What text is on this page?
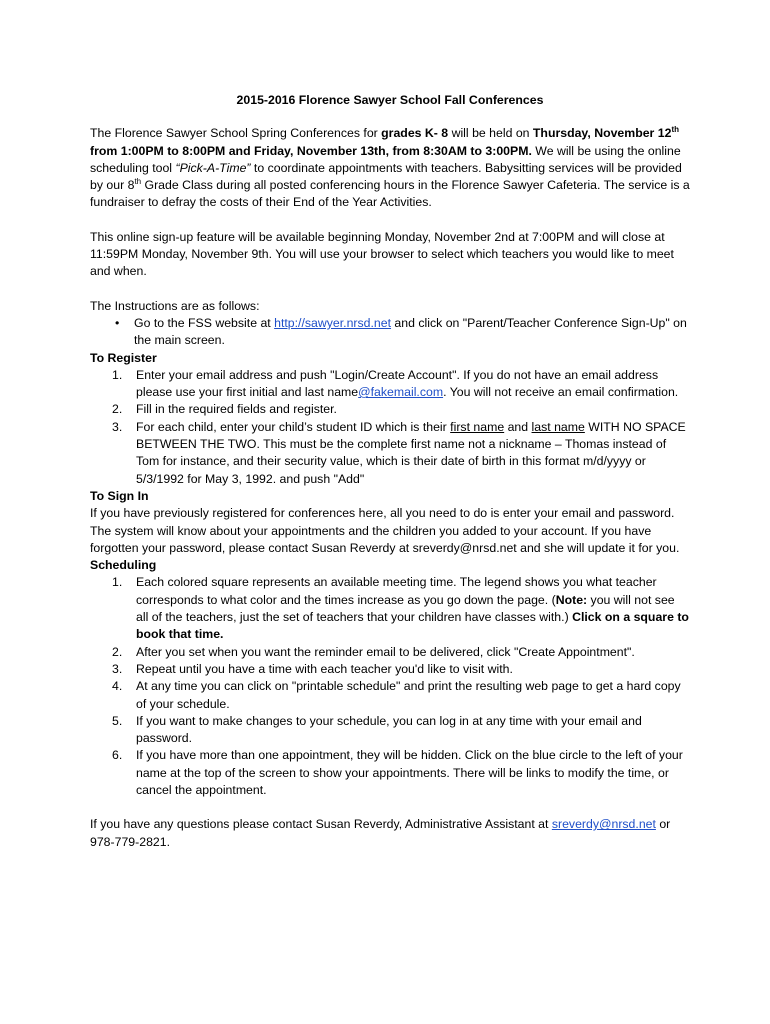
2015-2016 Florence Sawyer School Fall Conferences

The Florence Sawyer School Spring Conferences for grades K- 8 will be held on Thursday, November 12th from 1:00PM to 8:00PM and Friday, November 13th, from 8:30AM to 3:00PM. We will be using the online scheduling tool “Pick-A-Time” to coordinate appointments with teachers. Babysitting services will be provided by our 8th Grade Class during all posted conferencing hours in the Florence Sawyer Cafeteria. The service is a fundraiser to defray the costs of their End of the Year Activities.

This online sign-up feature will be available beginning Monday, November 2nd at 7:00PM and will close at 11:59PM Monday, November 9th. You will use your browser to select which teachers you would like to meet and when.

The Instructions are as follows:

• Go to the FSS website at http://sawyer.nrsd.net and click on "Parent/Teacher Conference Sign-Up" on the main screen.

To Register

1. Enter your email address and push "Login/Create Account". If you do not have an email address please use your first initial and last name@fakemail.com. You will not receive an email confirmation.
2. Fill in the required fields and register.
3. For each child, enter your child’s student ID which is their first name and last name WITH NO SPACE BETWEEN THE TWO. This must be the complete first name not a nickname – Thomas instead of Tom for instance, and their security value, which is their date of birth in this format m/d/yyyy or 5/3/1992 for May 3, 1992. and push "Add"

To Sign In

If you have previously registered for conferences here, all you need to do is enter your email and password. The system will know about your appointments and the children you added to your account. If you have forgotten your password, please contact Susan Reverdy at sreverdy@nrsd.net and she will update it for you.

Scheduling

1. Each colored square represents an available meeting time. The legend shows you what teacher corresponds to what color and the times increase as you go down the page. (Note: you will not see all of the teachers, just the set of teachers that your children have classes with.) Click on a square to book that time.
2. After you set when you want the reminder email to be delivered, click "Create Appointment".
3. Repeat until you have a time with each teacher you'd like to visit with.
4. At any time you can click on "printable schedule" and print the resulting web page to get a hard copy of your schedule.
5. If you want to make changes to your schedule, you can log in at any time with your email and password.
6. If you have more than one appointment, they will be hidden. Click on the blue circle to the left of your name at the top of the screen to show your appointments. There will be links to modify the time, or cancel the appointment.

If you have any questions please contact Susan Reverdy, Administrative Assistant at sreverdy@nrsd.net or 978-779-2821.
